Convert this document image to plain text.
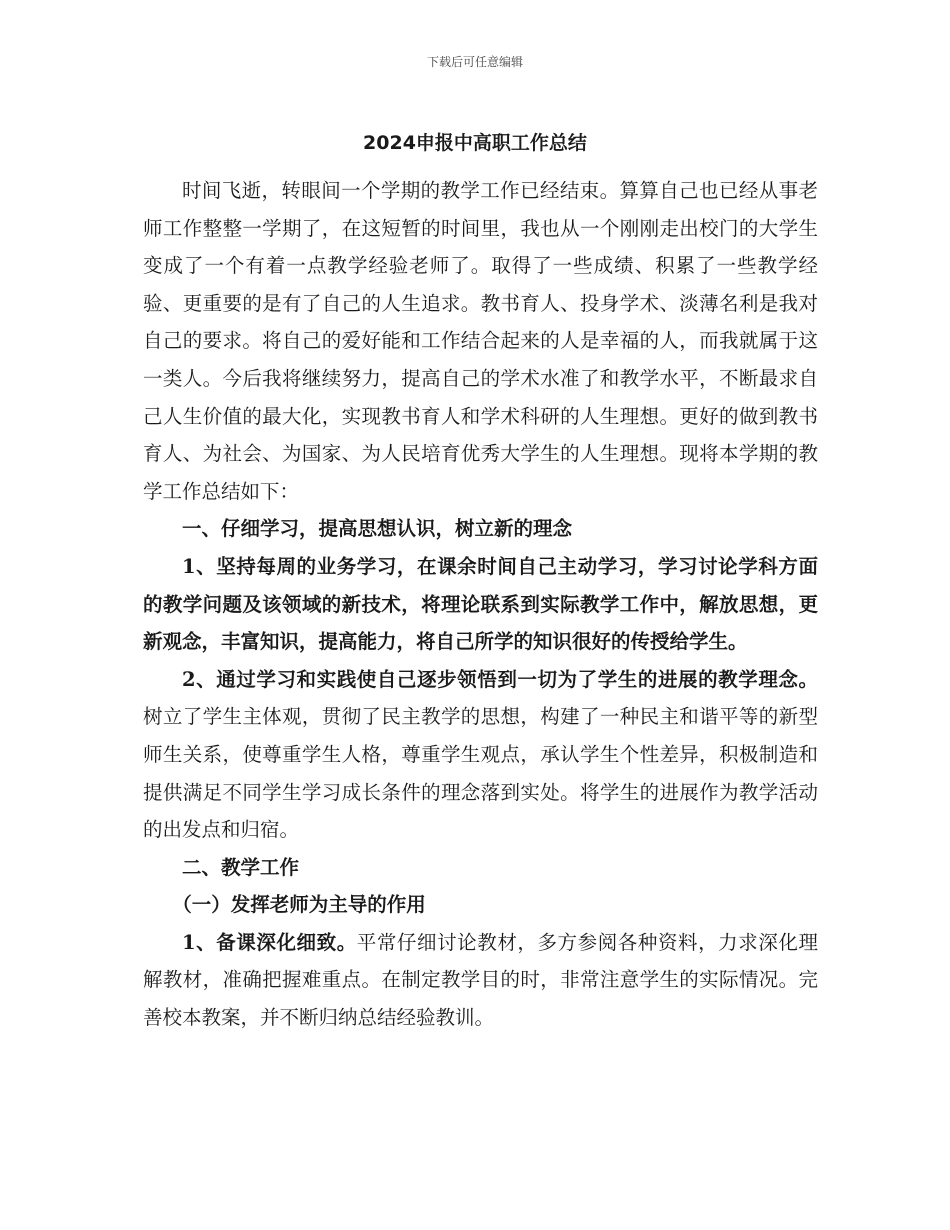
下载后可任意编辑
2024申报中高职工作总结

时间飞逝，转眼间一个学期的教学工作已经结束。算算自己也已经从事老师工作整整一学期了，在这短暂的时间里，我也从一个刚刚走出校门的大学生变成了一个有着一点教学经验老师了。取得了一些成绩、积累了一些教学经验、更重要的是有了自己的人生追求。教书育人、投身学术、淡薄名利是我对自己的要求。将自己的爱好能和工作结合起来的人是幸福的人，而我就属于这一类人。今后我将继续努力，提高自己的学术水准了和教学水平，不断最求自己人生价值的最大化，实现教书育人和学术科研的人生理想。更好的做到教书育人、为社会、为国家、为人民培育优秀大学生的人生理想。现将本学期的教学工作总结如下：

一、仔细学习，提高思想认识，树立新的理念

1、坚持每周的业务学习，在课余时间自己主动学习，学习讨论学科方面的教学问题及该领域的新技术，将理论联系到实际教学工作中，解放思想，更新观念，丰富知识，提高能力，将自己所学的知识很好的传授给学生。

2、通过学习和实践使自己逐步领悟到一切为了学生的进展的教学理念。树立了学生主体观，贯彻了民主教学的思想，构建了一种民主和谐平等的新型师生关系，使尊重学生人格，尊重学生观点，承认学生个性差异，积极制造和提供满足不同学生学习成长条件的理念落到实处。将学生的进展作为教学活动的出发点和归宿。

二、教学工作

（一）发挥老师为主导的作用

1、备课深化细致。平常仔细讨论教材，多方参阅各种资料，力求深化理解教材，准确把握难重点。在制定教学目的时，非常注意学生的实际情况。完善校本教案，并不断归纳总结经验教训。
